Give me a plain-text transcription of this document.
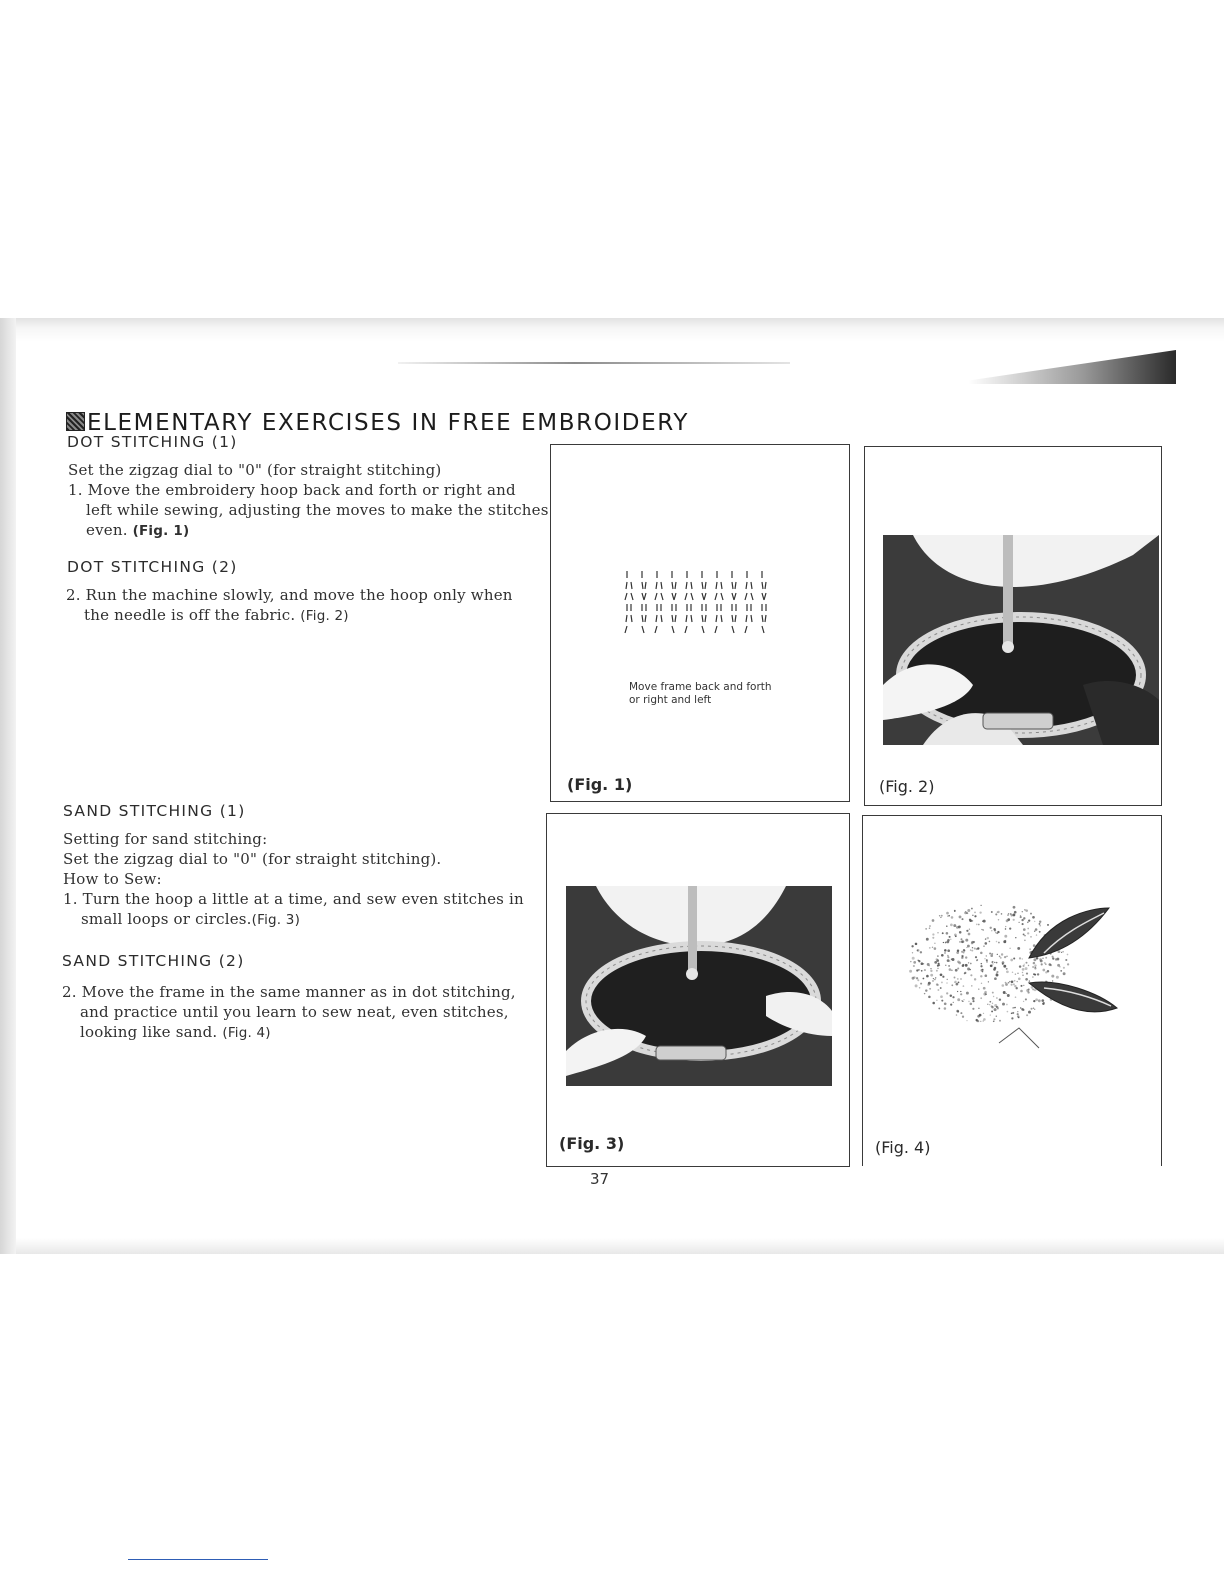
ELEMENTARY EXERCISES IN FREE EMBROIDERY
DOT STITCHING (1)
Set the zigzag dial to "0" (for straight stitching)
1. Move the embroidery hoop back and forth or right and
left while sewing, adjusting the moves to make the stitches
even. (Fig. 1)
DOT STITCHING (2)
2. Run the machine slowly, and move the hoop only when
the needle is off the fabric. (Fig. 2)
SAND STITCHING (1)
Setting for sand stitching:
Set the zigzag dial to "0" (for straight stitching).
How to Sew:
1. Turn the hoop a little at a time, and sew even stitches in
small loops or circles.(Fig. 3)
SAND STITCHING (2)
2. Move the frame in the same manner as in dot stitching,
and practice until you learn to sew neat, even stitches,
looking like sand. (Fig. 4)
Move frame back and forth
or right and left
(Fig. 1)	(Fig. 2)
(Fig. 3)	(Fig. 4)
37
